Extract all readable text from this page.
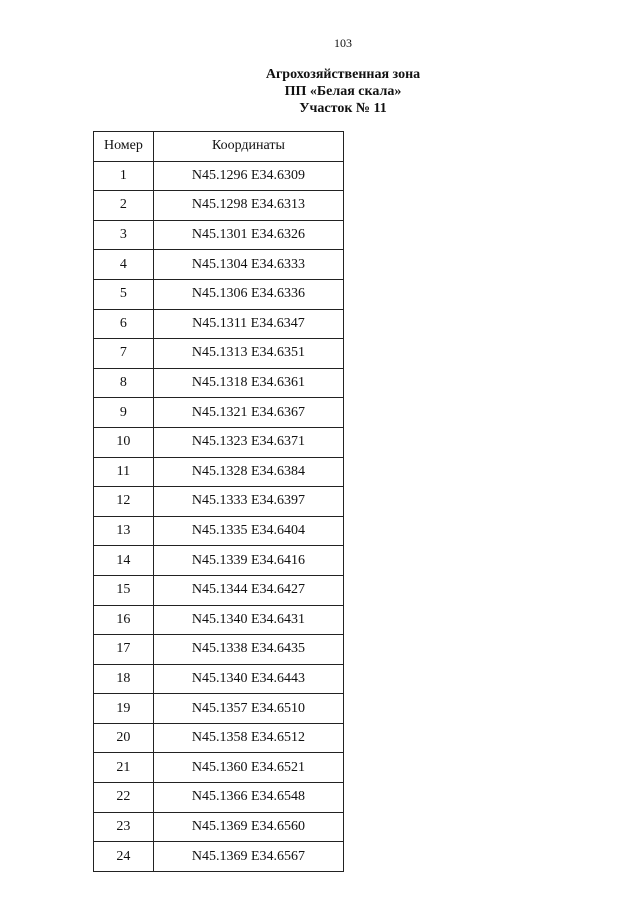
103
Агрохозяйственная зона
ПП «Белая скала»
Участок № 11
Номер	Координаты
1	N45.1296 E34.6309
2	N45.1298 E34.6313
3	N45.1301 E34.6326
4	N45.1304 E34.6333
5	N45.1306 E34.6336
6	N45.1311 E34.6347
7	N45.1313 E34.6351
8	N45.1318 E34.6361
9	N45.1321 E34.6367
10	N45.1323 E34.6371
11	N45.1328 E34.6384
12	N45.1333 E34.6397
13	N45.1335 E34.6404
14	N45.1339 E34.6416
15	N45.1344 E34.6427
16	N45.1340 E34.6431
17	N45.1338 E34.6435
18	N45.1340 E34.6443
19	N45.1357 E34.6510
20	N45.1358 E34.6512
21	N45.1360 E34.6521
22	N45.1366 E34.6548
23	N45.1369 E34.6560
24	N45.1369 E34.6567
